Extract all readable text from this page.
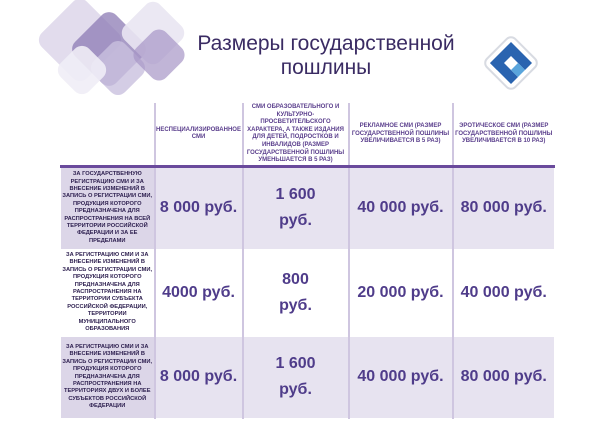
Размеры государственной
пошлины
	НЕСПЕЦИАЛИЗИРОВАННОЕ СМИ	СМИ ОБРАЗОВАТЕЛЬНОГО И КУЛЬТУРНО-ПРОСВЕТИТЕЛЬСКОГО ХАРАКТЕРА, А ТАКЖЕ ИЗДАНИЯ ДЛЯ ДЕТЕЙ, ПОДРОСТКОВ И ИНВАЛИДОВ (РАЗМЕР ГОСУДАРСТВЕННОЙ ПОШЛИНЫ УМЕНЬШАЕТСЯ В 5 РАЗ)	РЕКЛАМНОЕ СМИ (РАЗМЕР ГОСУДАРСТВЕННОЙ ПОШЛИНЫ УВЕЛИЧИВАЕТСЯ В 5 РАЗ)	ЭРОТИЧЕСКОЕ СМИ (РАЗМЕР ГОСУДАРСТВЕННОЙ ПОШЛИНЫ УВЕЛИЧИВАЕТСЯ В 10 РАЗ)
ЗА ГОСУДАРСТВЕННУЮ РЕГИСТРАЦИЮ СМИ И ЗА ВНЕСЕНИЕ ИЗМЕНЕНИЙ В ЗАПИСЬ О РЕГИСТРАЦИИ СМИ, ПРОДУКЦИЯ КОТОРОГО ПРЕДНАЗНАЧЕНА ДЛЯ РАСПРОСТРАНЕНИЯ НА ВСЕЙ ТЕРРИТОРИИ РОССИЙСКОЙ ФЕДЕРАЦИИ И ЗА ЕЕ ПРЕДЕЛАМИ	8 000 руб.	1 600 руб.	40 000 руб.	80 000 руб.
ЗА РЕГИСТРАЦИЮ СМИ И ЗА ВНЕСЕНИЕ ИЗМЕНЕНИЙ В ЗАПИСЬ О РЕГИСТРАЦИИ СМИ, ПРОДУКЦИЯ КОТОРОГО ПРЕДНАЗНАЧЕНА ДЛЯ РАСПРОСТРАНЕНИЯ НА ТЕРРИТОРИИ СУБЪЕКТА РОССИЙСКОЙ ФЕДЕРАЦИИ, ТЕРРИТОРИИ МУНИЦИПАЛЬНОГО ОБРАЗОВАНИЯ	4000 руб.	800 руб.	20 000 руб.	40 000 руб.
ЗА РЕГИСТРАЦИЮ СМИ И ЗА ВНЕСЕНИЕ ИЗМЕНЕНИЙ В ЗАПИСЬ О РЕГИСТРАЦИИ СМИ, ПРОДУКЦИЯ КОТОРОГО ПРЕДНАЗНАЧЕНА ДЛЯ РАСПРОСТРАНЕНИЯ НА ТЕРРИТОРИЯХ ДВУХ И БОЛЕЕ СУБЪЕКТОВ РОССИЙСКОЙ ФЕДЕРАЦИИ	8 000 руб.	1 600 руб.	40 000 руб.	80 000 руб.
